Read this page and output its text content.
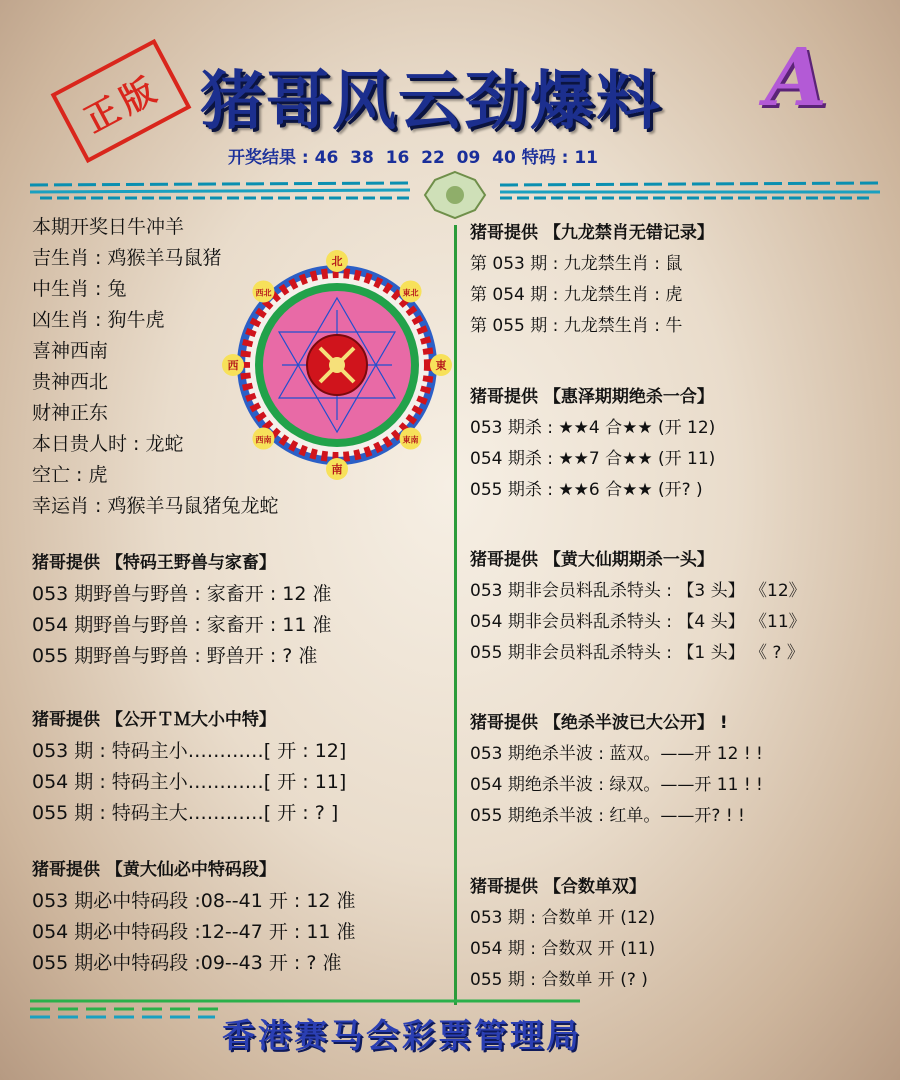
正版 猪哥风云劲爆料	A
开奖结果 : 46  38  16  22  09  40 特码 : 11
本期开奖日牛冲羊
吉生肖 : 鸡猴羊马鼠猪
中生肖 : 兔
凶生肖 : 狗牛虎
喜神西南
贵神西北
财神正东
本日贵人时 : 龙蛇
空亡 : 虎
幸运肖 : 鸡猴羊马鼠猪兔龙蛇
北
東北
東
東南
南
西南
西
西北
猪哥提供 【特码王野兽与家畜】
053 期野兽与野兽 : 家畜开 : 12 准
054 期野兽与野兽 : 家畜开 : 11 准
055 期野兽与野兽 : 野兽开 : ? 准
猪哥提供 【公开ＴＭ大小中特】
053 期 : 特码主小…………[ 开 : 12]
054 期 : 特码主小…………[ 开 : 11]
055 期 : 特码主大…………[ 开 : ? ]
猪哥提供 【黄大仙必中特码段】
053 期必中特码段 :08--41 开 : 12 准
054 期必中特码段 :12--47 开 : 11 准
055 期必中特码段 :09--43 开 : ? 准
猪哥提供 【九龙禁肖无错记录】
第 053 期 : 九龙禁生肖 : 鼠
第 054 期 : 九龙禁生肖 : 虎
第 055 期 : 九龙禁生肖 : 牛
猪哥提供 【惠泽期期绝杀一合】
053 期杀 : ★★4 合★★ (开 12)
054 期杀 : ★★7 合★★ (开 11)
055 期杀 : ★★6 合★★ (开? )
猪哥提供 【黄大仙期期杀一头】
053 期非会员料乱杀特头 : 【3 头】 《12》
054 期非会员料乱杀特头 : 【4 头】 《11》
055 期非会员料乱杀特头 : 【1 头】 《 ? 》
猪哥提供 【绝杀半波已大公开】 !
053 期绝杀半波 : 蓝双。——开 12 ! !
054 期绝杀半波 : 绿双。——开 11 ! !
055 期绝杀半波 : 红单。——开? ! !
猪哥提供 【合数单双】
053 期 : 合数单 开 (12)
054 期 : 合数双 开 (11)
055 期 : 合数单 开 (? )
香港赛马会彩票管理局
